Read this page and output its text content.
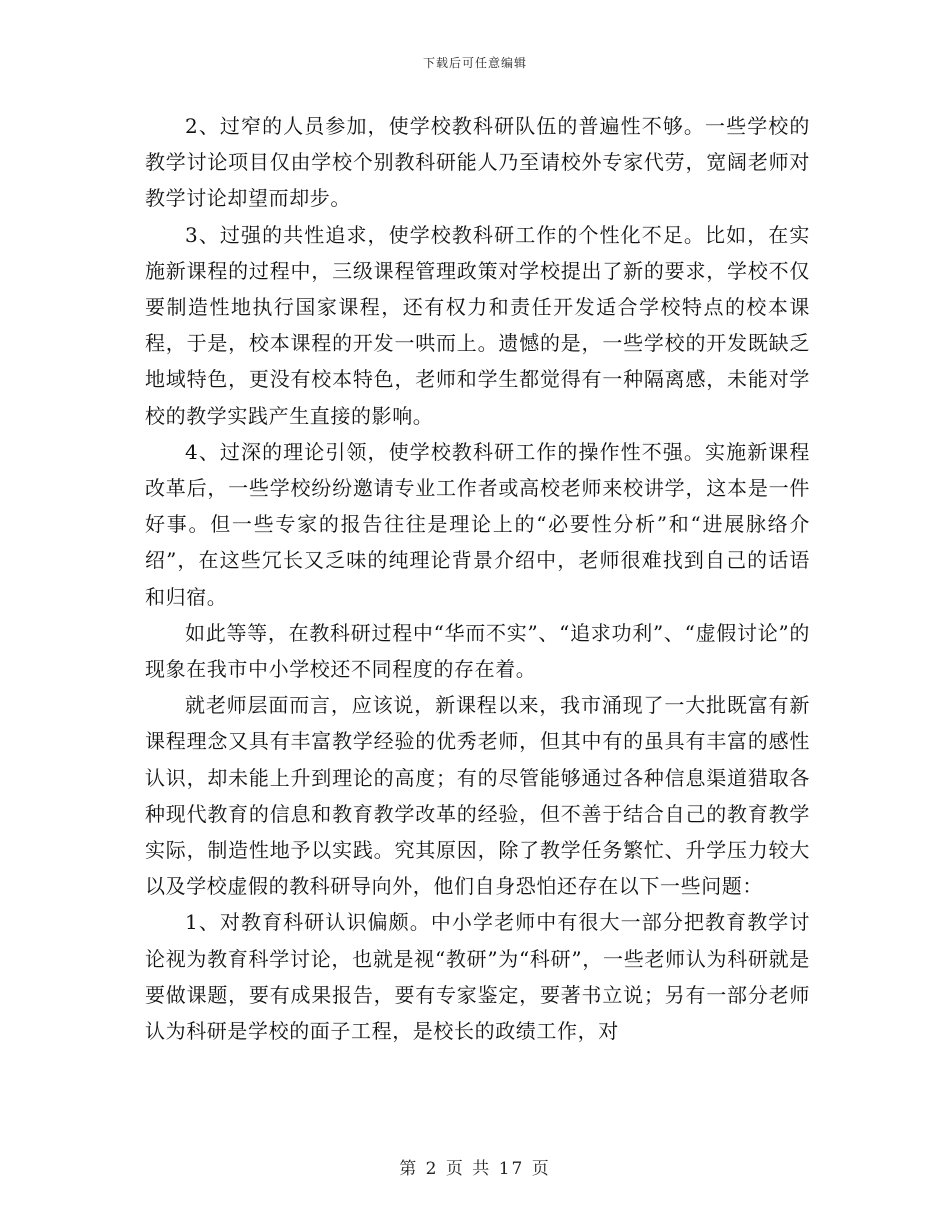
下载后可任意编辑

2、过窄的人员参加，使学校教科研队伍的普遍性不够。一些学校的教学讨论项目仅由学校个别教科研能人乃至请校外专家代劳，宽阔老师对教学讨论却望而却步。

3、过强的共性追求，使学校教科研工作的个性化不足。比如，在实施新课程的过程中，三级课程管理政策对学校提出了新的要求，学校不仅要制造性地执行国家课程，还有权力和责任开发适合学校特点的校本课程，于是，校本课程的开发一哄而上。遗憾的是，一些学校的开发既缺乏地域特色，更没有校本特色，老师和学生都觉得有一种隔离感，未能对学校的教学实践产生直接的影响。

4、过深的理论引领，使学校教科研工作的操作性不强。实施新课程改革后，一些学校纷纷邀请专业工作者或高校老师来校讲学，这本是一件好事。但一些专家的报告往往是理论上的“必要性分析”和“进展脉络介绍”，在这些冗长又乏味的纯理论背景介绍中，老师很难找到自己的话语和归宿。

如此等等，在教科研过程中“华而不实”、“追求功利”、“虚假讨论”的现象在我市中小学校还不同程度的存在着。

就老师层面而言，应该说，新课程以来，我市涌现了一大批既富有新课程理念又具有丰富教学经验的优秀老师，但其中有的虽具有丰富的感性认识，却未能上升到理论的高度；有的尽管能够通过各种信息渠道猎取各种现代教育的信息和教育教学改革的经验，但不善于结合自己的教育教学实际，制造性地予以实践。究其原因，除了教学任务繁忙、升学压力较大以及学校虚假的教科研导向外，他们自身恐怕还存在以下一些问题：

1、对教育科研认识偏颇。中小学老师中有很大一部分把教育教学讨论视为教育科学讨论，也就是视“教研”为“科研”，一些老师认为科研就是要做课题，要有成果报告，要有专家鉴定，要著书立说；另有一部分老师认为科研是学校的面子工程，是校长的政绩工作，对

第 2 页 共 17 页
